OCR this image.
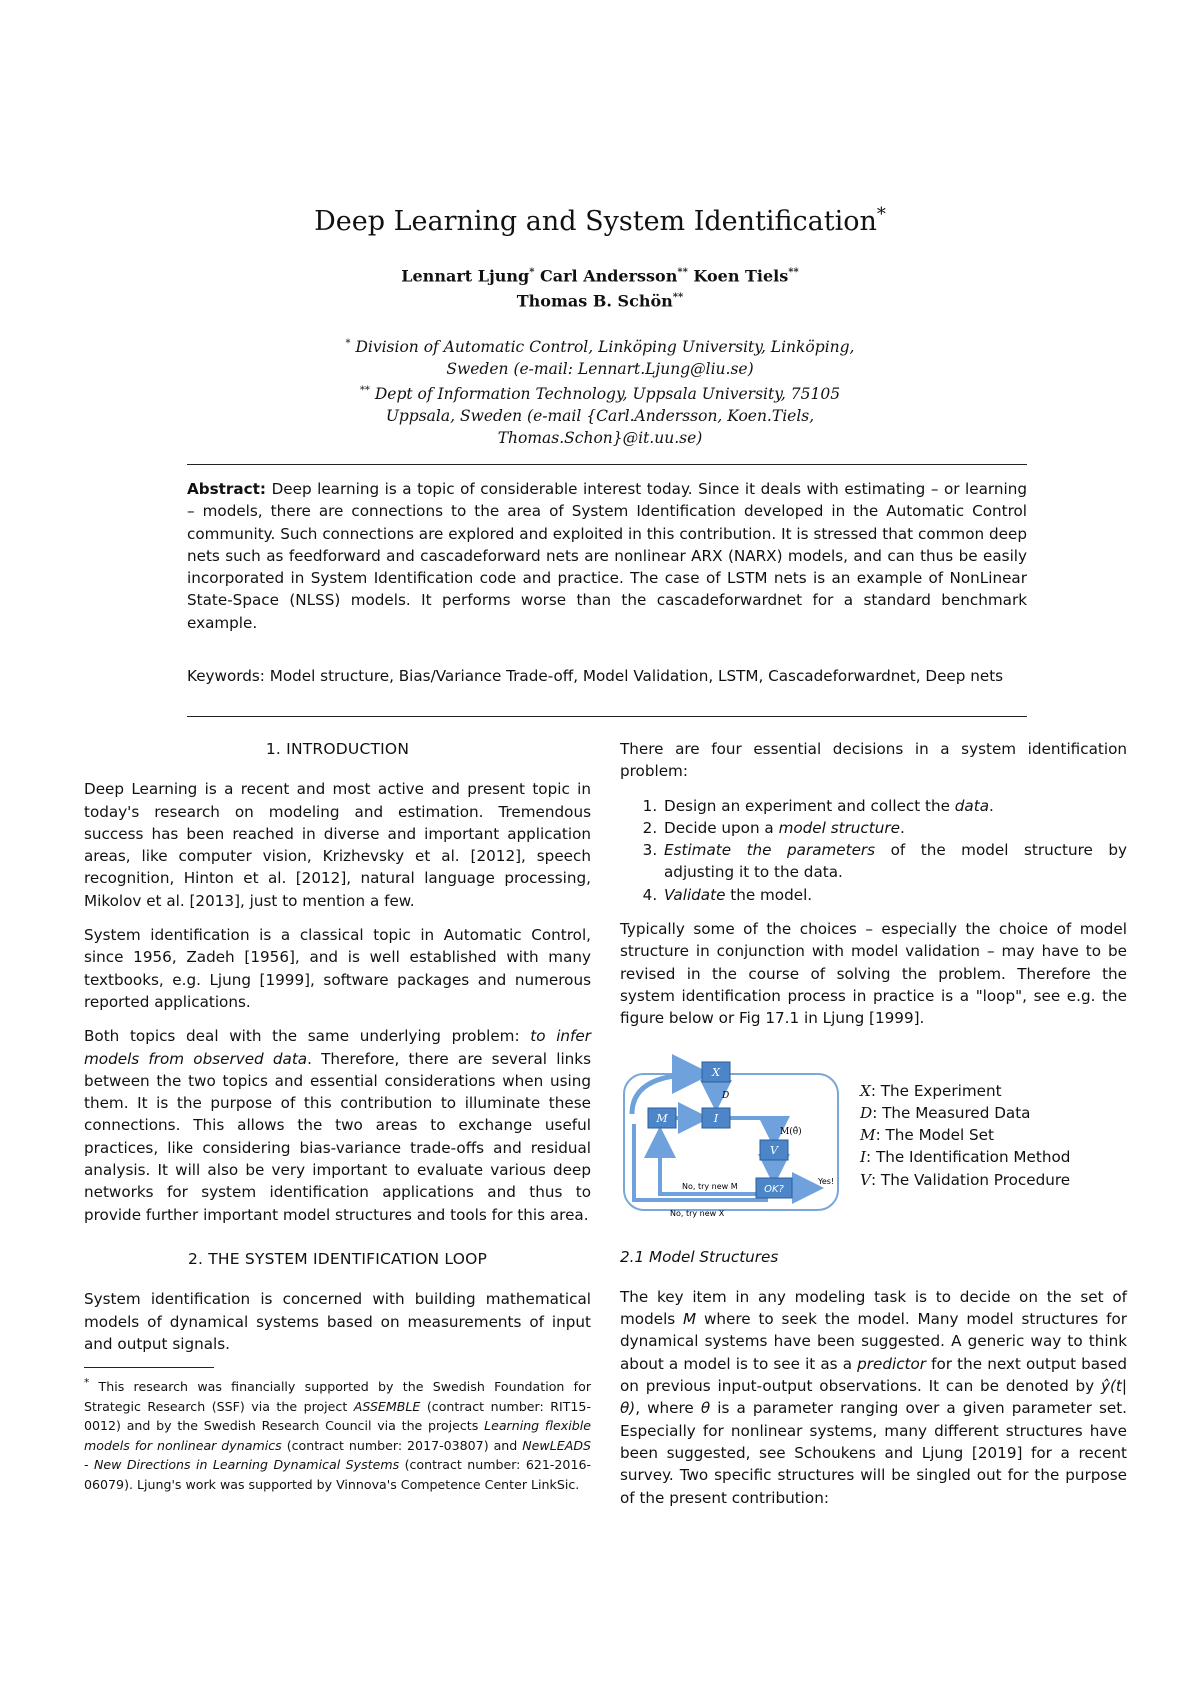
Deep Learning and System Identification*
Lennart Ljung* Carl Andersson** Koen Tiels**
Thomas B. Schön**
* Division of Automatic Control, Linköping University, Linköping,
Sweden (e-mail: Lennart.Ljung@liu.se)
** Dept of Information Technology, Uppsala University, 75105
Uppsala, Sweden (e-mail {Carl.Andersson, Koen.Tiels,
Thomas.Schon}@it.uu.se)
Abstract: Deep learning is a topic of considerable interest today. Since it deals with estimating – or learning – models, there are connections to the area of System Identification developed in the Automatic Control community. Such connections are explored and exploited in this contribution. It is stressed that common deep nets such as feedforward and cascadeforward nets are nonlinear ARX (NARX) models, and can thus be easily incorporated in System Identification code and practice. The case of LSTM nets is an example of NonLinear State-Space (NLSS) models. It performs worse than the cascadeforwardnet for a standard benchmark example.
Keywords: Model structure, Bias/Variance Trade-off, Model Validation, LSTM, Cascadeforwardnet, Deep nets

1. INTRODUCTION

Deep Learning is a recent and most active and present topic in today's research on modeling and estimation. Tremendous success has been reached in diverse and important application areas, like computer vision, Krizhevsky et al. [2012], speech recognition, Hinton et al. [2012], natural language processing, Mikolov et al. [2013], just to mention a few.

System identification is a classical topic in Automatic Control, since 1956, Zadeh [1956], and is well established with many textbooks, e.g. Ljung [1999], software packages and numerous reported applications.

Both topics deal with the same underlying problem: to infer models from observed data. Therefore, there are several links between the two topics and essential considerations when using them. It is the purpose of this contribution to illuminate these connections. This allows the two areas to exchange useful practices, like considering bias-variance trade-offs and residual analysis. It will also be very important to evaluate various deep networks for system identification applications and thus to provide further important model structures and tools for this area.

2. THE SYSTEM IDENTIFICATION LOOP

System identification is concerned with building mathematical models of dynamical systems based on measurements of input and output signals.

* This research was financially supported by the Swedish Foundation for Strategic Research (SSF) via the project ASSEMBLE (contract number: RIT15-0012) and by the Swedish Research Council via the projects Learning flexible models for nonlinear dynamics (contract number: 2017-03807) and NewLEADS - New Directions in Learning Dynamical Systems (contract number: 621-2016-06079). Ljung's work was supported by Vinnova's Competence Center LinkSic.

There are four essential decisions in a system identification problem:

1. Design an experiment and collect the data.
2. Decide upon a model structure.
3. Estimate the parameters of the model structure by adjusting it to the data.
4. Validate the model.

Typically some of the choices – especially the choice of model structure in conjunction with model validation – may have to be revised in the course of solving the problem. Therefore the system identification process in practice is a "loop", see e.g. the figure below or Fig 17.1 in Ljung [1999].

X
M	I
V
OK?
D
M(θ̂)
Yes!
No, try new M
No, try new X
X: The Experiment
D: The Measured Data
M: The Model Set
I: The Identification Method
V: The Validation Procedure

2.1 Model Structures

The key item in any modeling task is to decide on the set of models M where to seek the model. Many model structures for dynamical systems have been suggested. A generic way to think about a model is to see it as a predictor for the next output based on previous input-output observations. It can be denoted by ŷ(t|θ), where θ is a parameter ranging over a given parameter set. Especially for nonlinear systems, many different structures have been suggested, see Schoukens and Ljung [2019] for a recent survey. Two specific structures will be singled out for the purpose of the present contribution:
